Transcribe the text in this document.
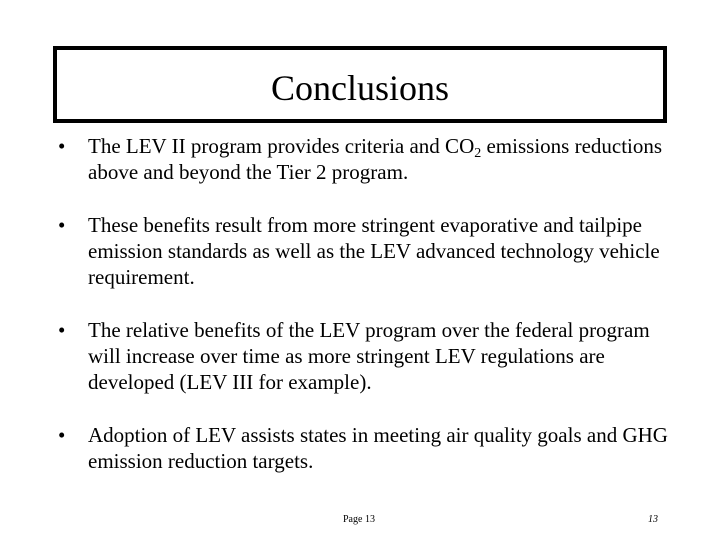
Conclusions
• The LEV II program provides criteria and $CO_2$ emissions reductions above and beyond the Tier 2 program.
• These benefits result from more stringent evaporative and tailpipe emission standards as well as the LEV advanced technology vehicle requirement.
• The relative benefits of the LEV program over the federal program will increase over time as more stringent LEV regulations are developed (LEV III for example).
• Adoption of LEV assists states in meeting air quality goals and GHG emission reduction targets.
Page 13	13
